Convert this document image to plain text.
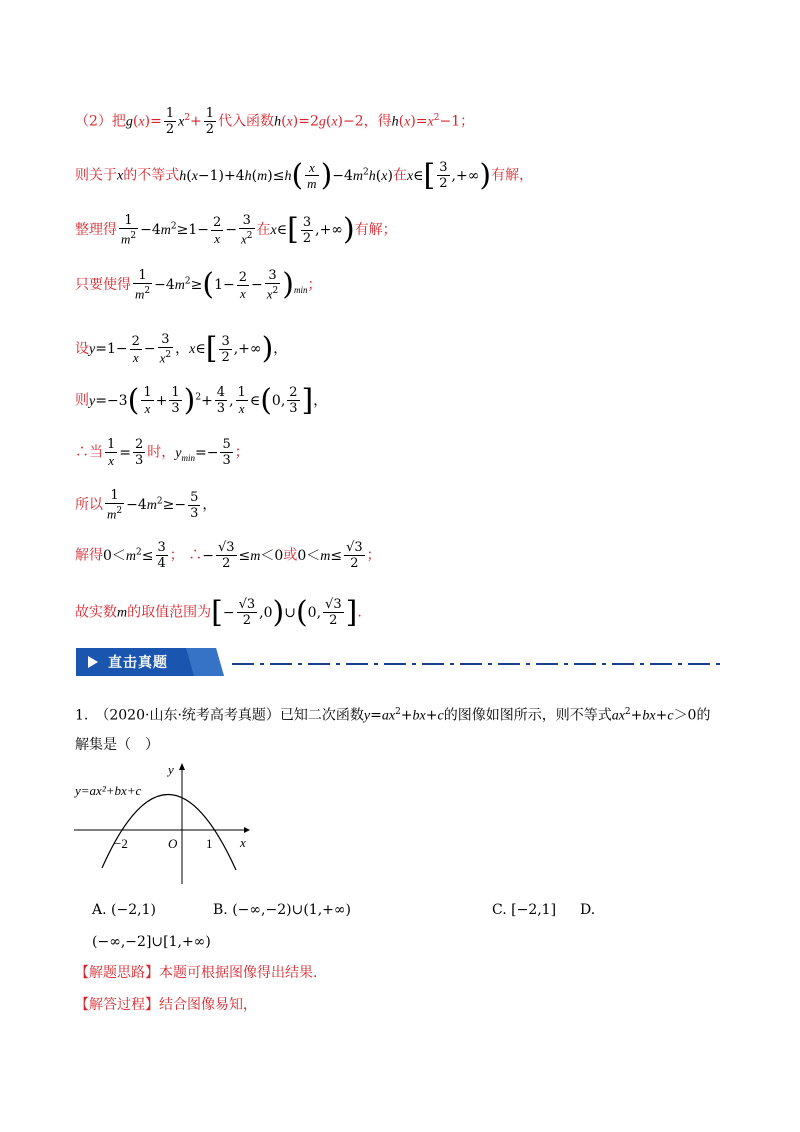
（2）把$g(x)= \frac{1}{2} x^2+ \frac{1}{2}$ 代入函数h(x)=2g(x)−2，得$h(x)=x^2-1$；
则关于x的不等式$h(x-1)+4h(m)\le h( \frac{x}{m} )-4m^2h(x)$在x∈[ $\frac{3}{2}$ ,+∞)有解，
整理得 $\frac{1}{m^2} -4m^2\ge 1- \frac{2}{x} - \frac{3}{x^2}$ 在x∈[ $\frac{3}{2}$ ,+∞)有解；
只要使得 $\frac{1}{m^2} -4m^2\ge(1- \frac{2}{x} - \frac{3}{x^2} )_{min}$；
设$y=1- \frac{2}{x} - \frac{3}{x^2}$ ，x∈[ $\frac{3}{2}$ ,+∞)，
则$y=-3( \frac{1}{x} + \frac{1}{3} )^2+ \frac{4}{3}$ , $\frac{1}{x}$ ∈(0, $\frac{2}{3}$ ]，
∴当 $\frac{1}{x} = \frac{2}{3}$ 时，$y_{min}=- \frac{5}{3}$ ；
所以 $\frac{1}{m^2} -4m^2\ge- \frac{5}{3}$ ，
解得$0<m^2\le \frac{3}{4}$ ； ∴− $\frac{√3}{2} \le m<0$或$0<m\le \frac{√3}{2}$ ；
故实数m的取值范围为[− $\frac{√3}{2}$ ,0)∪(0, $\frac{√3}{2}$ ].
直击真题
1.　 （2020·山东·统考高考真题）已知二次函数$y=ax^2+bx+c$的图像如图所示，则不等式$ax^2+bx+c>0$的
解集是（　）
y=ax²+bx+c
y
x
O
−2	1
A. (−2,1)	B. (−∞,−2)∪(1,+∞)	C. [−2,1] D.
(−∞,−2]∪[1,+∞)
【解题思路】本题可根据图像得出结果.
【解答过程】结合图像易知，
